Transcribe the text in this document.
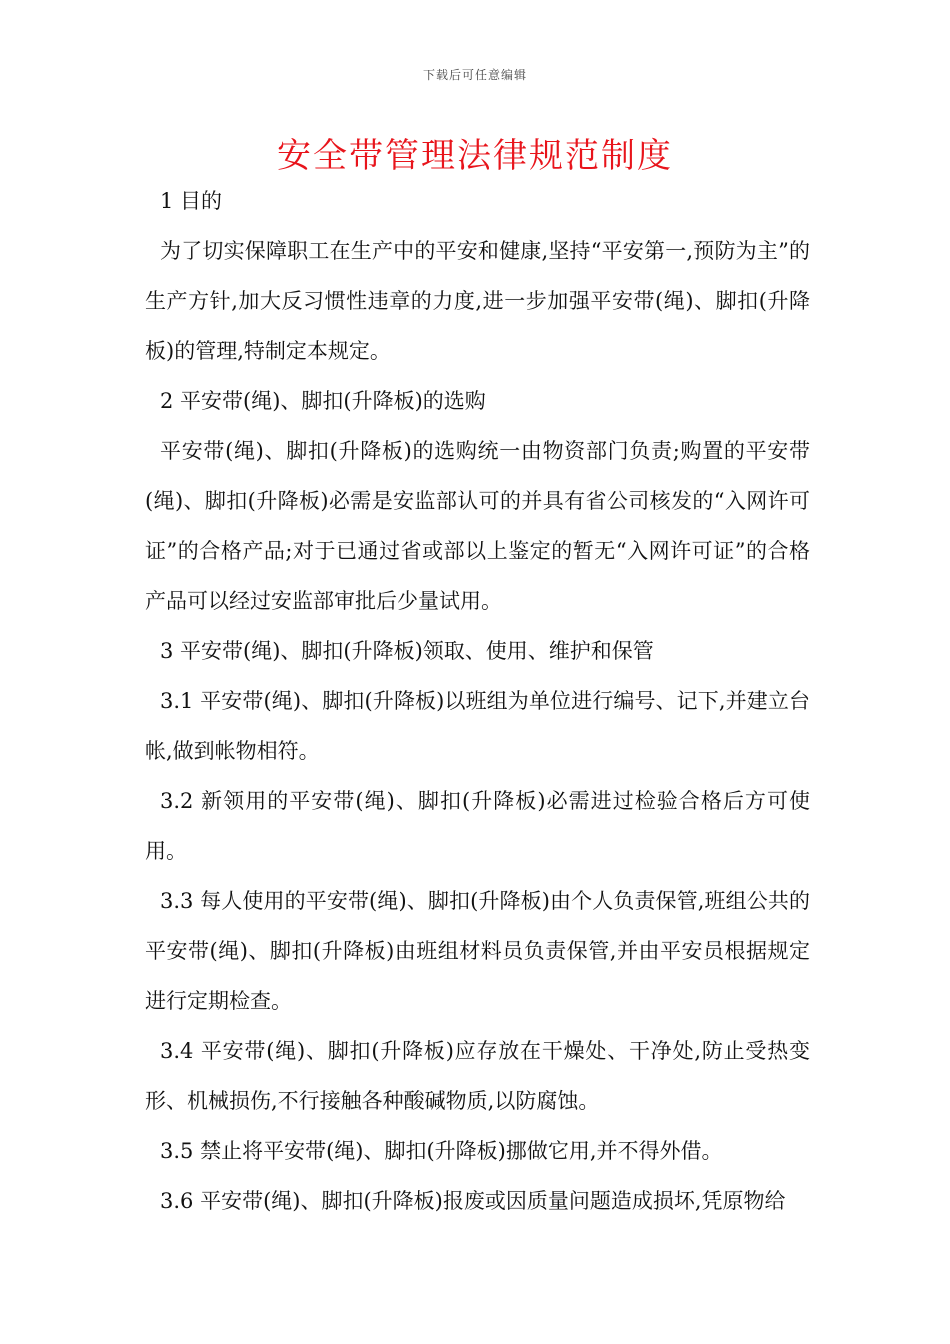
下载后可任意编辑
安全带管理法律规范制度

1 目的

为了切实保障职工在生产中的平安和健康,坚持“平安第一,预防为主”的生产方针,加大反习惯性违章的力度,进一步加强平安带(绳)、脚扣(升降板)的管理,特制定本规定。

2 平安带(绳)、脚扣(升降板)的选购

平安带(绳)、脚扣(升降板)的选购统一由物资部门负责;购置的平安带(绳)、脚扣(升降板)必需是安监部认可的并具有省公司核发的“入网许可证”的合格产品;对于已通过省或部以上鉴定的暂无“入网许可证”的合格产品可以经过安监部审批后少量试用。

3 平安带(绳)、脚扣(升降板)领取、使用、维护和保管

3.1 平安带(绳)、脚扣(升降板)以班组为单位进行编号、记下,并建立台帐,做到帐物相符。

3.2 新领用的平安带(绳)、脚扣(升降板)必需进过检验合格后方可使用。

3.3 每人使用的平安带(绳)、脚扣(升降板)由个人负责保管,班组公共的平安带(绳)、脚扣(升降板)由班组材料员负责保管,并由平安员根据规定进行定期检查。

3.4 平安带(绳)、脚扣(升降板)应存放在干燥处、干净处,防止受热变形、机械损伤,不行接触各种酸碱物质,以防腐蚀。

3.5 禁止将平安带(绳)、脚扣(升降板)挪做它用,并不得外借。

3.6 平安带(绳)、脚扣(升降板)报废或因质量问题造成损坏,凭原物给
